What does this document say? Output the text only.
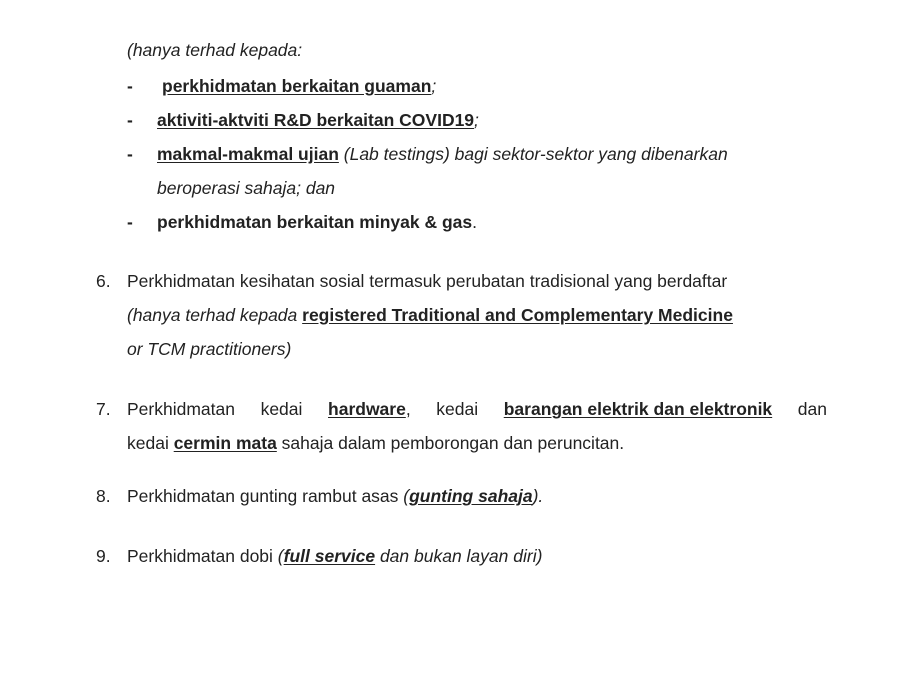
(hanya terhad kepada:
- perkhidmatan berkaitan guaman;
- aktiviti-aktviti R&D berkaitan COVID19;
- makmal-makmal ujian (Lab testings) bagi sektor-sektor yang dibenarkan
beroperasi sahaja; dan
- perkhidmatan berkaitan minyak & gas.
6. Perkhidmatan kesihatan sosial termasuk perubatan tradisional yang berdaftar
(hanya terhad kepada registered Traditional and Complementary Medicine
or TCM practitioners)
7. Perkhidmatan kedai hardware, kedai barangan elektrik dan elektronik dan
kedai cermin mata sahaja dalam pemborongan dan peruncitan.
8. Perkhidmatan gunting rambut asas (gunting sahaja).
9. Perkhidmatan dobi (full service dan bukan layan diri)
